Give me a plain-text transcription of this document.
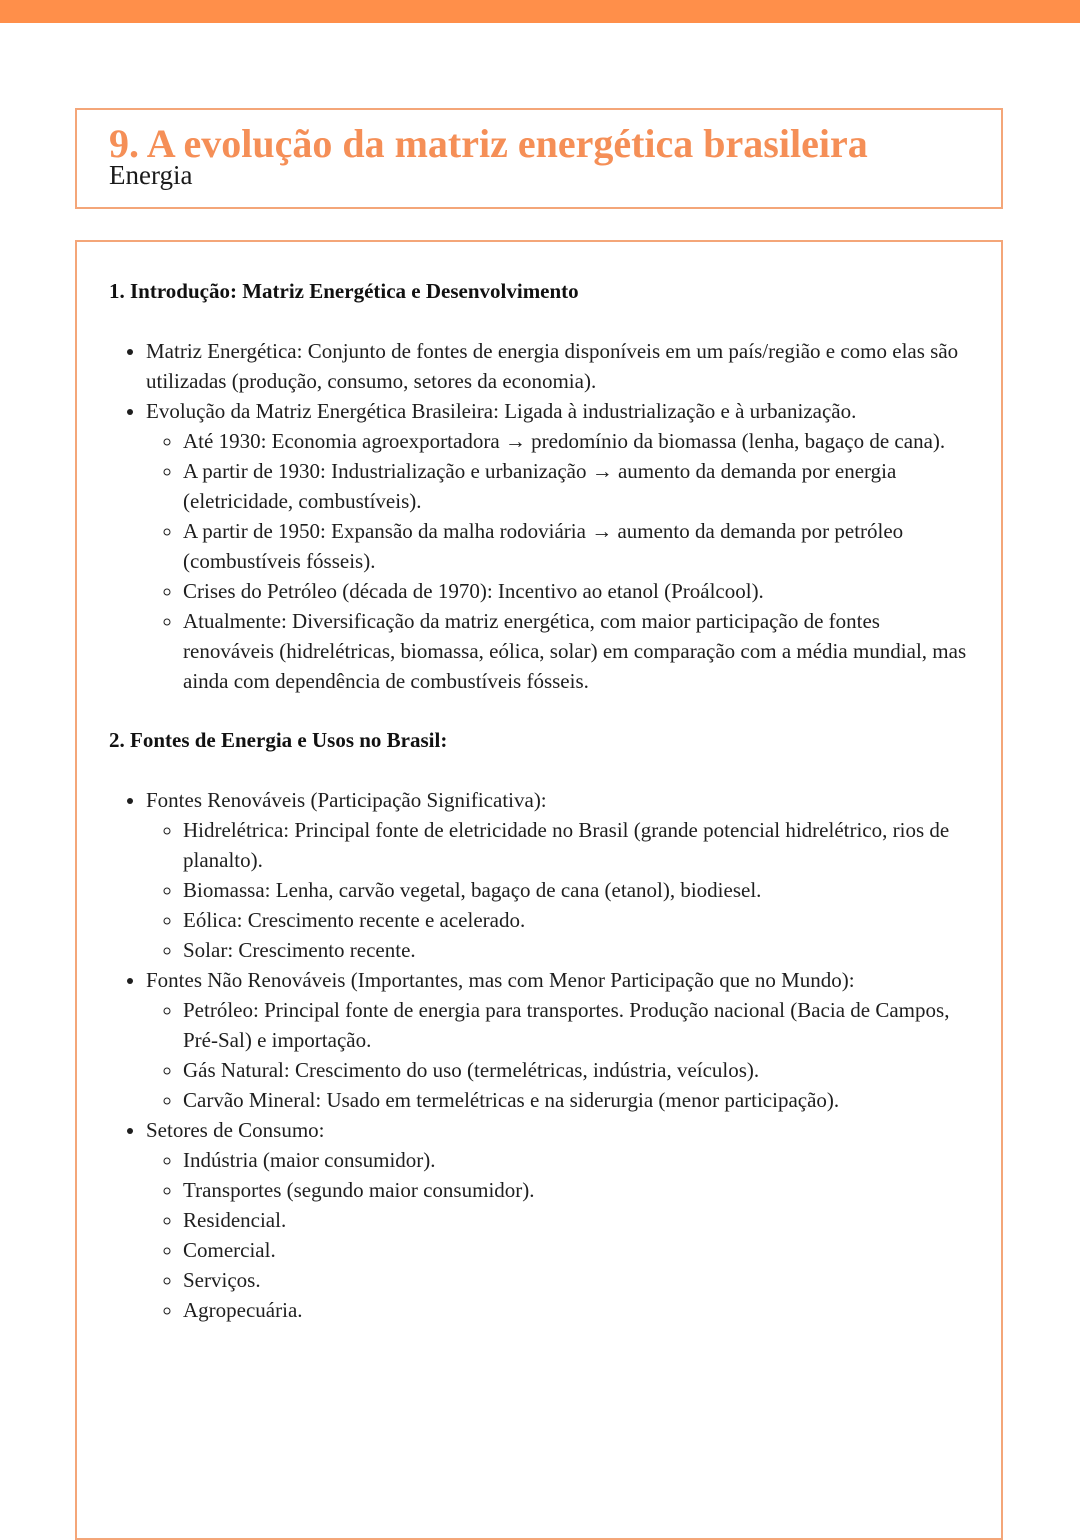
9. A evolução da matriz energética brasileira
Energia
1. Introdução: Matriz Energética e Desenvolvimento
• Matriz Energética: Conjunto de fontes de energia disponíveis em um país/região e como elas são utilizadas (produção, consumo, setores da economia).
• Evolução da Matriz Energética Brasileira: Ligada à industrialização e à urbanização.
◦ Até 1930: Economia agroexportadora → predomínio da biomassa (lenha, bagaço de cana).
◦ A partir de 1930: Industrialização e urbanização → aumento da demanda por energia (eletricidade, combustíveis).
◦ A partir de 1950: Expansão da malha rodoviária → aumento da demanda por petróleo (combustíveis fósseis).
◦ Crises do Petróleo (década de 1970): Incentivo ao etanol (Proálcool).
◦ Atualmente: Diversificação da matriz energética, com maior participação de fontes renováveis (hidrelétricas, biomassa, eólica, solar) em comparação com a média mundial, mas ainda com dependência de combustíveis fósseis.
2. Fontes de Energia e Usos no Brasil:
• Fontes Renováveis (Participação Significativa):
◦ Hidrelétrica: Principal fonte de eletricidade no Brasil (grande potencial hidrelétrico, rios de planalto).
◦ Biomassa: Lenha, carvão vegetal, bagaço de cana (etanol), biodiesel.
◦ Eólica: Crescimento recente e acelerado.
◦ Solar: Crescimento recente.
• Fontes Não Renováveis (Importantes, mas com Menor Participação que no Mundo):
◦ Petróleo: Principal fonte de energia para transportes. Produção nacional (Bacia de Campos, Pré-Sal) e importação.
◦ Gás Natural: Crescimento do uso (termelétricas, indústria, veículos).
◦ Carvão Mineral: Usado em termelétricas e na siderurgia (menor participação).
• Setores de Consumo:
◦ Indústria (maior consumidor).
◦ Transportes (segundo maior consumidor).
◦ Residencial.
◦ Comercial.
◦ Serviços.
◦ Agropecuária.
